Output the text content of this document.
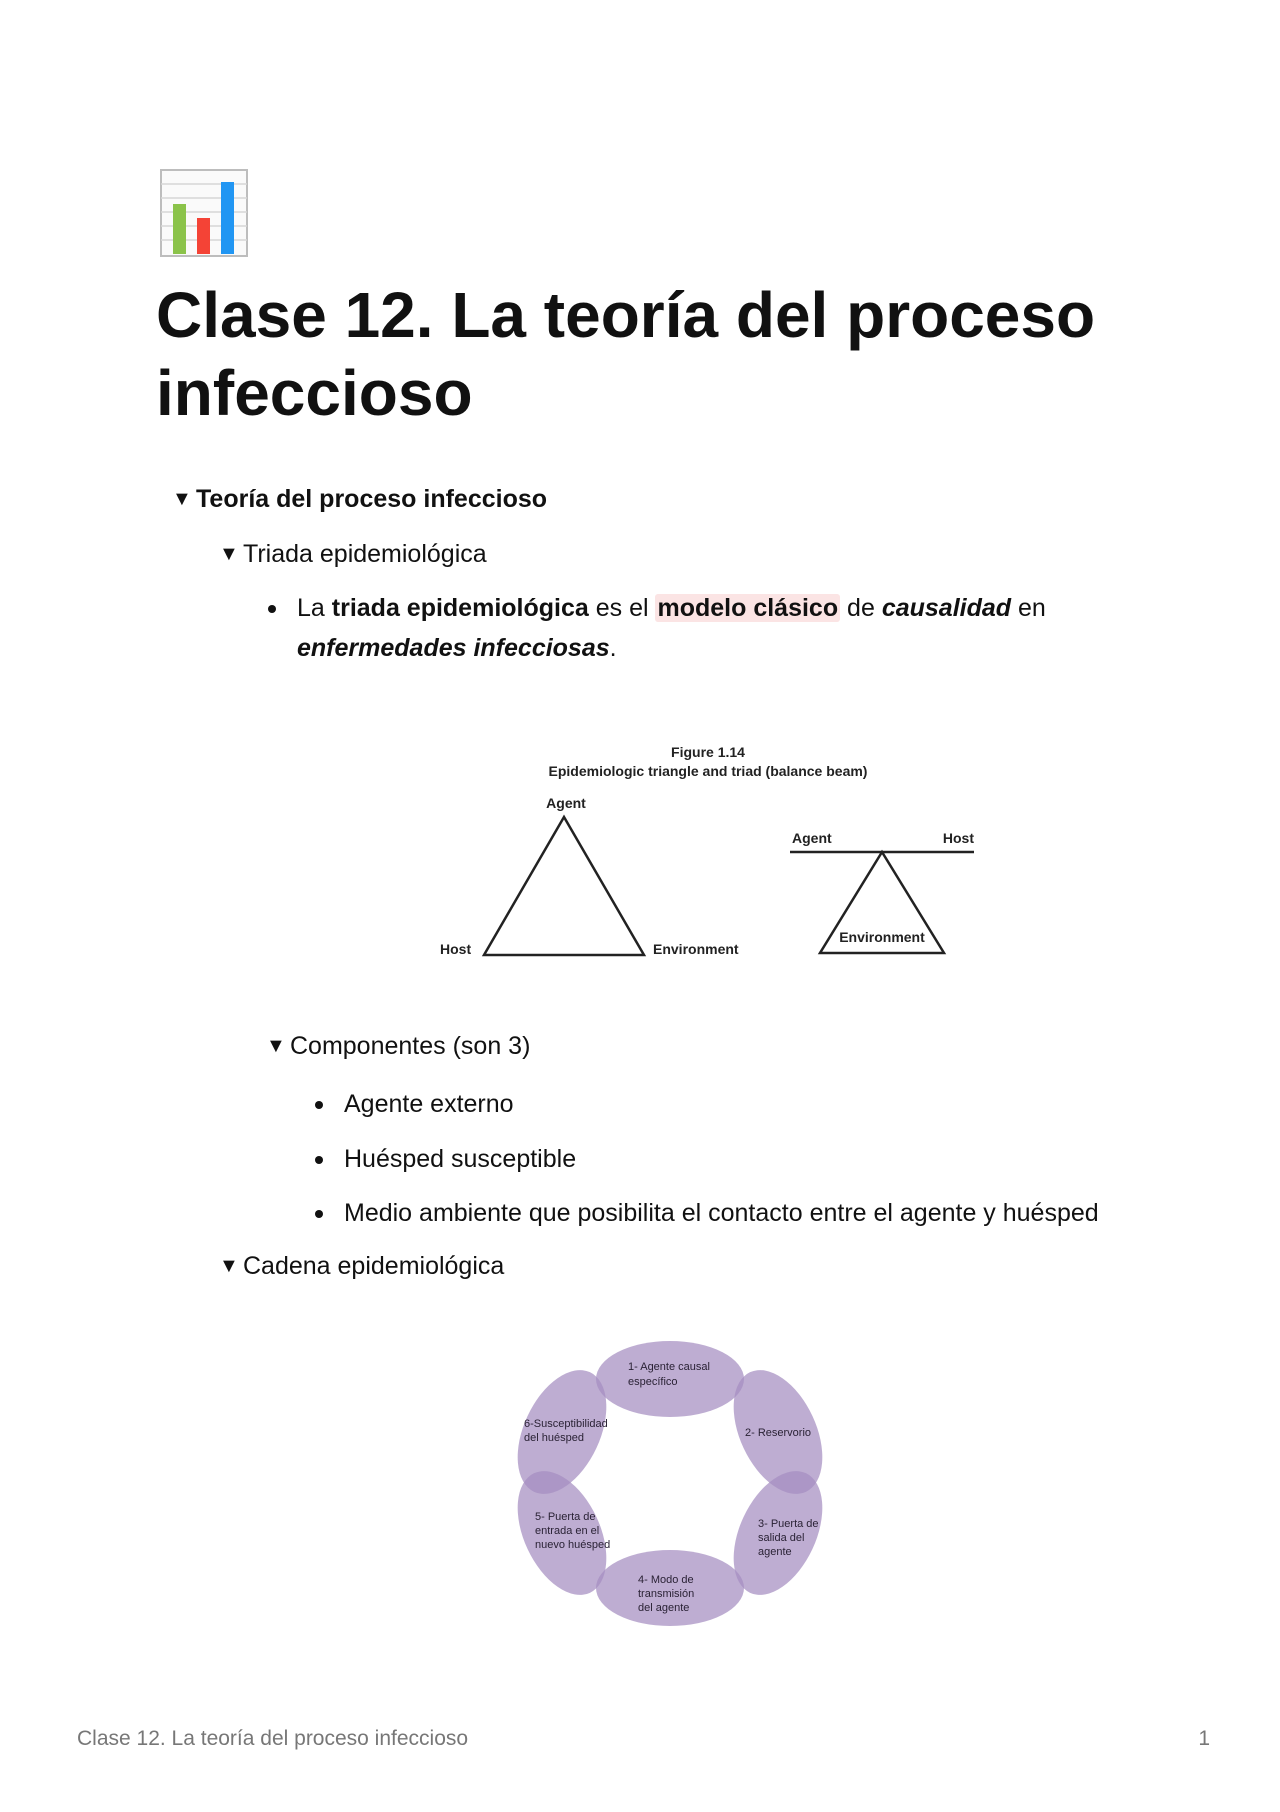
Clase 12. La teoría del proceso
infeccioso
▼ Teoría del proceso infeccioso
▼ Triada epidemiológica
La triada epidemiológica es el modelo clásico de causalidad en
enfermedades infecciosas.
Figure 1.14
Epidemiologic triangle and triad (balance beam)
Agent
Host	Environment
Agent	Host
Environment
▼ Componentes (son 3)
Agente externo
Huésped susceptible
Medio ambiente que posibilita el contacto entre el agente y huésped
▼ Cadena epidemiológica
1- Agente causal específico
2- Reservorio
3- Puerta de salida del agente
4- Modo de transmisión del agente
5- Puerta de entrada en el nuevo huésped
6-Susceptibilidad del huésped
Clase 12. La teoría del proceso infeccioso	1
